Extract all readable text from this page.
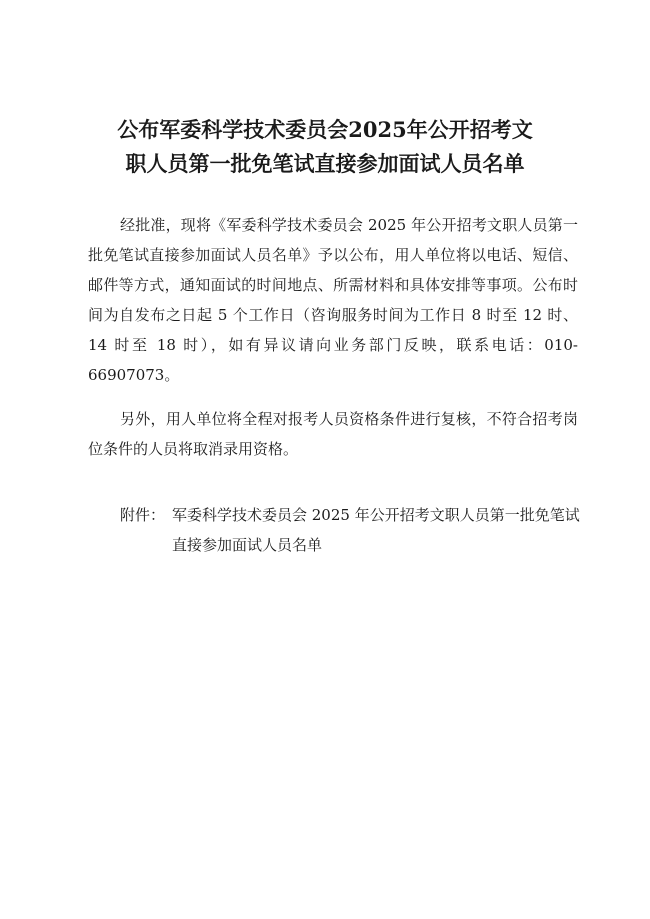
公布军委科学技术委员会2025年公开招考文
职人员第一批免笔试直接参加面试人员名单
经批准，现将《军委科学技术委员会 2025 年公开招考文职人员第一批免笔试直接参加面试人员名单》予以公布，用人单位将以电话、短信、邮件等方式，通知面试的时间地点、所需材料和具体安排等事项。公布时间为自发布之日起 5 个工作日（咨询服务时间为工作日 8 时至 12 时、14 时至 18 时），如有异议请向业务部门反映，联系电话：010-66907073。
另外，用人单位将全程对报考人员资格条件进行复核，不符合招考岗位条件的人员将取消录用资格。
附件： 军委科学技术委员会 2025 年公开招考文职人员第一批免笔试直接参加面试人员名单
